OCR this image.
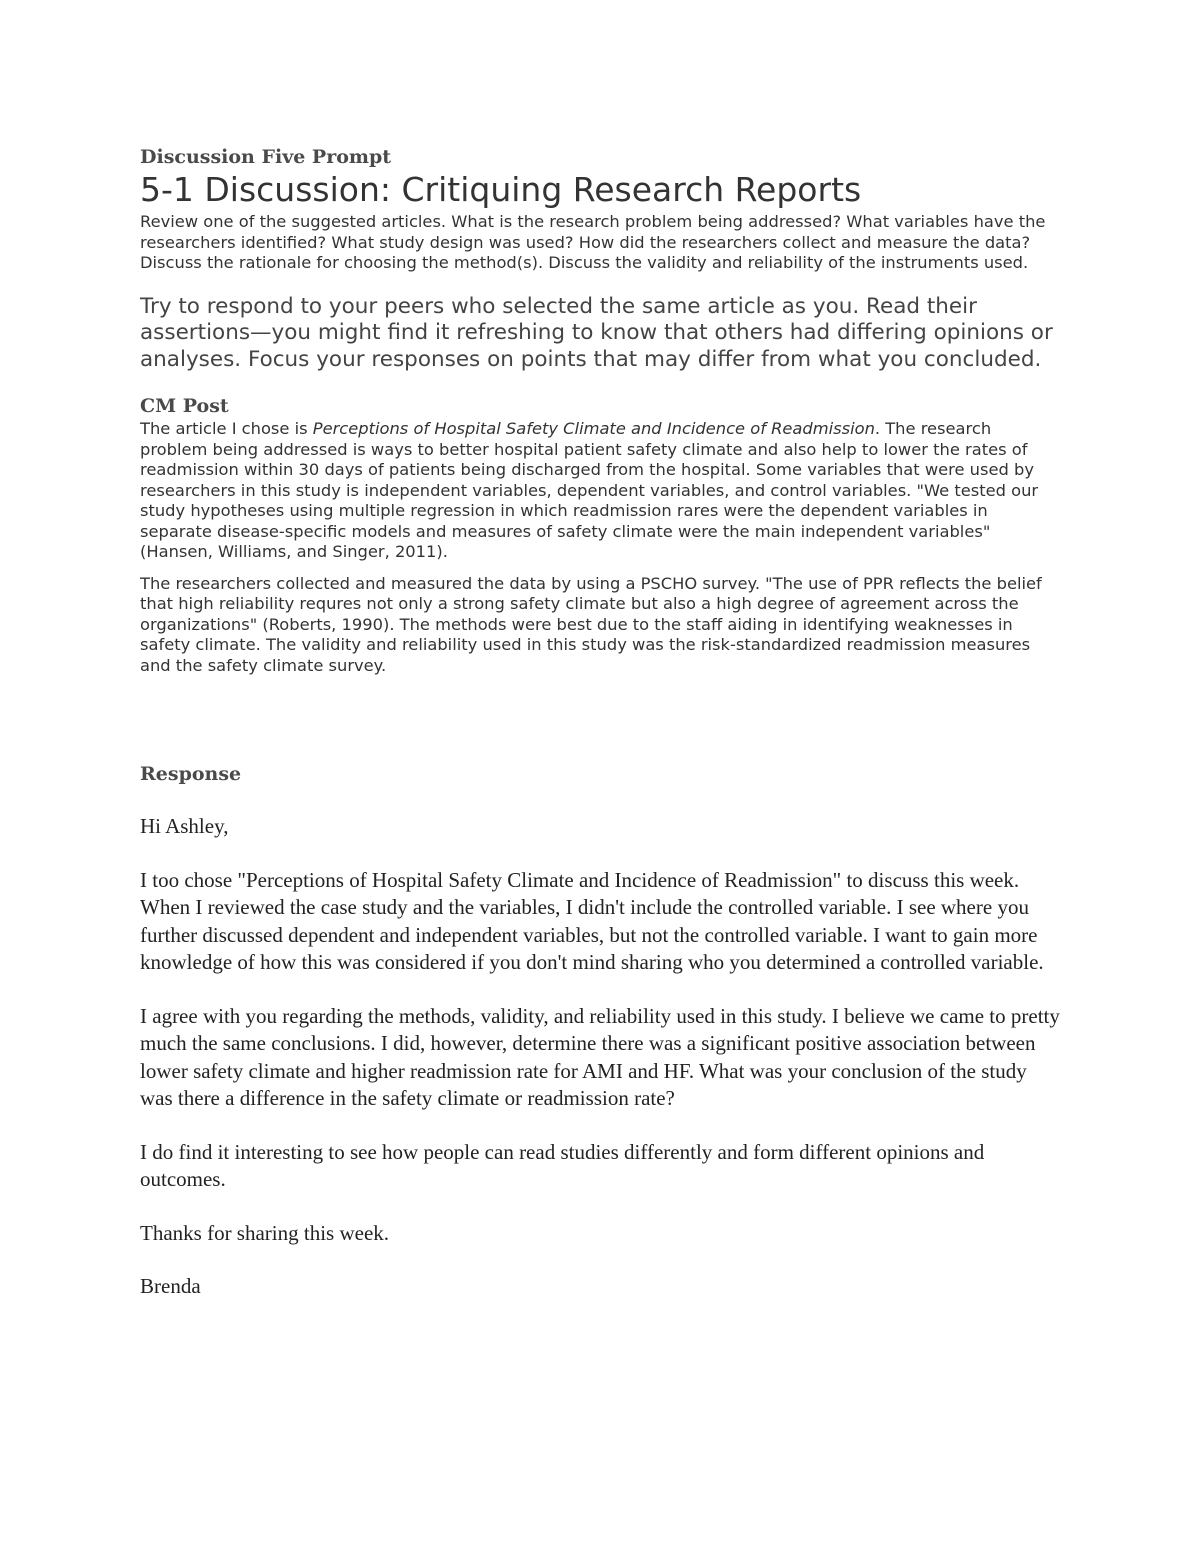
Discussion Five Prompt
5-1 Discussion: Critiquing Research Reports

Review one of the suggested articles. What is the research problem being addressed? What variables have the researchers identified? What study design was used? How did the researchers collect and measure the data? Discuss the rationale for choosing the method(s). Discuss the validity and reliability of the instruments used.

Try to respond to your peers who selected the same article as you. Read their assertions—you might find it refreshing to know that others had differing opinions or analyses. Focus your responses on points that may differ from what you concluded.

CM Post

The article I chose is Perceptions of Hospital Safety Climate and Incidence of Readmission. The research problem being addressed is ways to better hospital patient safety climate and also help to lower the rates of readmission within 30 days of patients being discharged from the hospital. Some variables that were used by researchers in this study is independent variables, dependent variables, and control variables. "We tested our study hypotheses using multiple regression in which readmission rares were the dependent variables in separate disease-specific models and measures of safety climate were the main independent variables" (Hansen, Williams, and Singer, 2011).

The researchers collected and measured the data by using a PSCHO survey. "The use of PPR reflects the belief that high reliability requres not only a strong safety climate but also a high degree of agreement across the organizations" (Roberts, 1990). The methods were best due to the staff aiding in identifying weaknesses in safety climate. The validity and reliability used in this study was the risk-standardized readmission measures and the safety climate survey.

Response

Hi Ashley,

I too chose "Perceptions of Hospital Safety Climate and Incidence of Readmission" to discuss this week. When I reviewed the case study and the variables, I didn't include the controlled variable. I see where you further discussed dependent and independent variables, but not the controlled variable. I want to gain more knowledge of how this was considered if you don't mind sharing who you determined a controlled variable.

I agree with you regarding the methods, validity, and reliability used in this study. I believe we came to pretty much the same conclusions. I did, however, determine there was a significant positive association between lower safety climate and higher readmission rate for AMI and HF. What was your conclusion of the study was there a difference in the safety climate or readmission rate?

I do find it interesting to see how people can read studies differently and form different opinions and outcomes.

Thanks for sharing this week.

Brenda
